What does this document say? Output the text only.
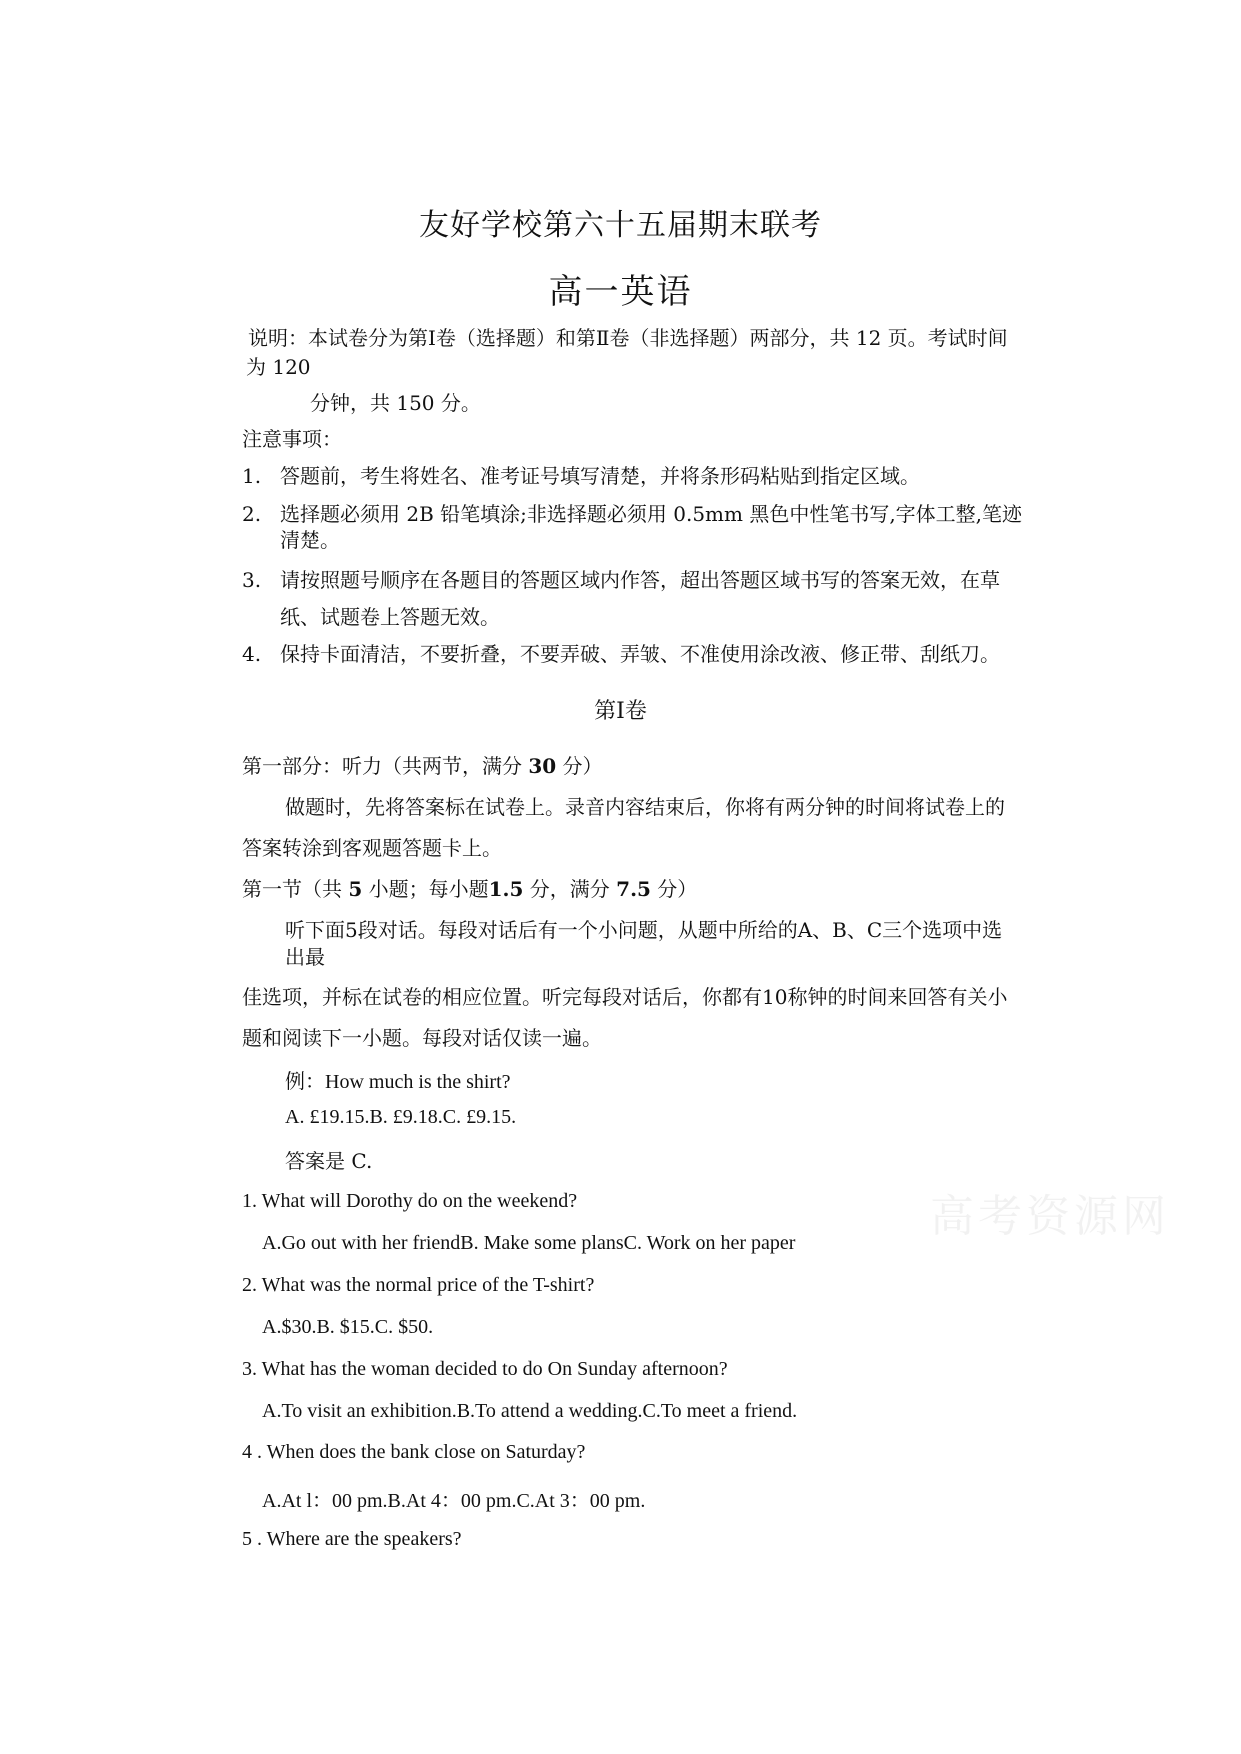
友好学校第六十五届期末联考
高一英语
说明：本试卷分为第Ⅰ卷（选择题）和第Ⅱ卷（非选择题）两部分，共 12 页。考试时间
为 120
分钟，共 150 分。
注意事项：
1. 答题前，考生将姓名、准考证号填写清楚，并将条形码粘贴到指定区域。
2. 选择题必须用 2B 铅笔填涂;非选择题必须用 0.5mm 黑色中性笔书写,字体工整,笔迹
清楚。
3. 请按照题号顺序在各题目的答题区域内作答，超出答题区域书写的答案无效，在草
纸、试题卷上答题无效。
4. 保持卡面清洁，不要折叠，不要弄破、弄皱、不准使用涂改液、修正带、刮纸刀。
第Ⅰ卷
第一部分：听力（共两节，满分 30 分）
做题时，先将答案标在试卷上。录音内容结束后，你将有两分钟的时间将试卷上的
答案转涂到客观题答题卡上。
第一节（共 5 小题；每小题1.5 分，满分 7.5 分）
听下面5段对话。每段对话后有一个小问题，从题中所给的A、B、C三个选项中选
出最
佳选项，并标在试卷的相应位置。听完每段对话后，你都有10称钟的时间来回答有关小
题和阅读下一小题。每段对话仅读一遍。
例：How much is the shirt?
A. £19.15.B. £9.18.C. £9.15.
答案是 C.
1. What will Dorothy do on the weekend?
A.Go out with her friendB. Make some plansC. Work on her paper
2. What was the normal price of the T-shirt?
A.$30.B. $15.C. $50.
3. What has the woman decided to do On Sunday afternoon?
A.To visit an exhibition.B.To attend a wedding.C.To meet a friend.
4 . When does the bank close on Saturday?
A.At l：00 pm.B.At 4：00 pm.C.At 3：00 pm.
5 . Where are the speakers?
高考资源网
